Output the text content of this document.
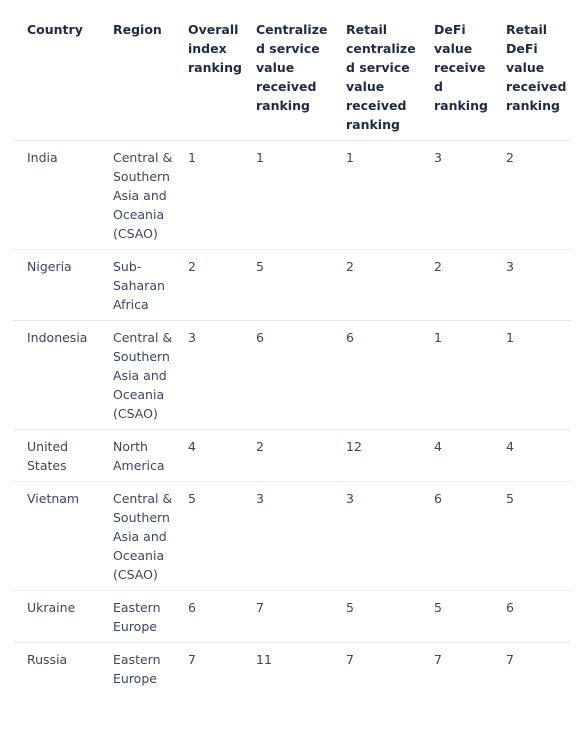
Country	Region	Overall index ranking	Centralized service value received ranking	Retail centralized service value received ranking	DeFi value received ranking	Retail DeFi value received ranking
India	Central & Southern Asia and Oceania (CSAO)	1	1	1	3	2
Nigeria	Sub-Saharan Africa	2	5	2	2	3
Indonesia	Central & Southern Asia and Oceania (CSAO)	3	6	6	1	1
United States	North America	4	2	12	4	4
Vietnam	Central & Southern Asia and Oceania (CSAO)	5	3	3	6	5
Ukraine	Eastern Europe	6	7	5	5	6
Russia	Eastern Europe	7	11	7	7	7
